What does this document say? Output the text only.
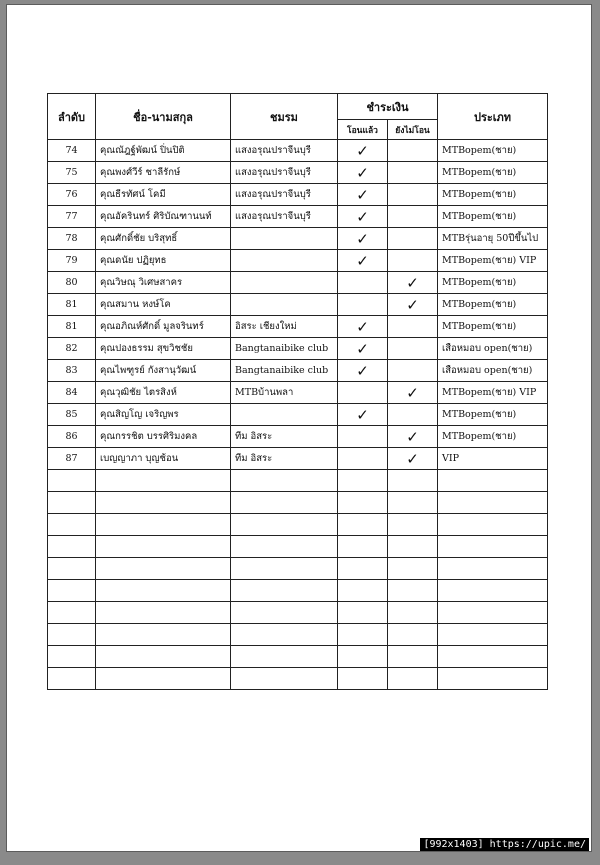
ลำดับ	ชื่อ-นามสกุล	ชมรม	ชำระเงิน		ประเภท
			โอนแล้ว	ยังไม่โอน	
74	คุณณัฎฐ์พัฒน์ ปิ่นปิติ	แสงอรุณปราจีนบุรี	✓		MTBopem(ชาย)
75	คุณพงศ์วีร์ ชาลีรักษ์	แสงอรุณปราจีนบุรี	✓		MTBopem(ชาย)
76	คุณธีรทัศน์ โคมี	แสงอรุณปราจีนบุรี	✓		MTBopem(ชาย)
77	คุณอัครินทร์ ศิริบัณฑานนท์	แสงอรุณปราจีนบุรี	✓		MTBopem(ชาย)
78	คุณศักดิ์ชัย บริสุทธิ์		✓		MTBรุ่นอายุ 50ปีขึ้นไป
79	คุณดนัย ปฏิยุทธ		✓		MTBopem(ชาย) VIP
80	คุณวิษณุ วิเศษสาคร			✓	MTBopem(ชาย)
81	คุณสมาน หงษ์โค			✓	MTBopem(ชาย)
81	คุณอภิณห์ศักดิ์ มูลจรินทร์	อิสระ เชียงใหม่	✓		MTBopem(ชาย)
82	คุณปองธรรม สุขวิชชัย	Bangtanaibike club	✓		เสือหมอบ open(ชาย)
83	คุณไพฑูรย์ กังสานุวัฒน์	Bangtanaibike club	✓		เสือหมอบ open(ชาย)
84	คุณวุฒิชัย ไตรสิงห์	MTBบ้านพลา		✓	MTBopem(ชาย) VIP
85	คุณสิญโญ เจริญพร		✓		MTBopem(ชาย)
86	คุณกรรชิต บรรศิริมงคล	ทีม อิสระ		✓	MTBopem(ชาย)
87	เบญญาภา บุญช้อน	ทีม อิสระ		✓	VIP

[992x1403] https://upic.me/
